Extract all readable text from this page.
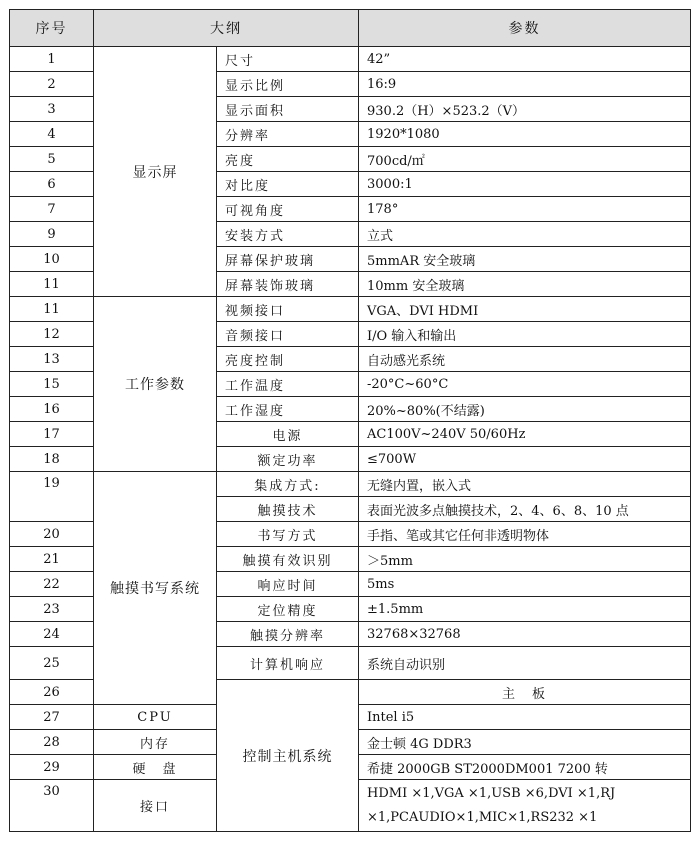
序号	大纲		参数	
1	显示屏	尺寸	42”	
2		显示比例	16:9	
3		显示面积	930.2（H）×523.2（V）	
4		分辨率	1920*1080	
5		亮度	700cd/㎡	
6		对比度	3000:1	
7		可视角度	178°	
9		安装方式	立式	
10		屏幕保护玻璃	5mmAR 安全玻璃	
11		屏幕装饰玻璃	10mm 安全玻璃	
11	工作参数	视频接口	VGA、DVI HDMI	
12		音频接口	I/O 输入和输出	
13		亮度控制	自动感光系统	
15		工作温度	-20°C~60°C	
16		工作湿度	20%~80%(不结露)	
17		电源	AC100V~240V 50/60Hz	
18		额定功率	≤700W	
19	触摸书写系统	集成方式:	无缝内置，嵌入式	
		触摸技术	表面光波多点触摸技术，2、4、6、8、10 点	
20		书写方式	手指、笔或其它任何非透明物体	
21		触摸有效识别	＞5mm	
22		响应时间	5ms	
23		定位精度	±1.5mm	
24		触摸分辨率	32768×32768	
25		计算机响应	系统自动识别	
26		控制主机系统	主　板	
27	CPU		Intel i5	
28	内存		金士顿 4G DDR3	
29	硬　盘		希捷 2000GB ST2000DM001 7200 转	
30	接口		HDMI ×1,VGA ×1,USB ×6,DVI ×1,RJ ×1,PCAUDIO×1,MIC×1,RS232 ×1	
